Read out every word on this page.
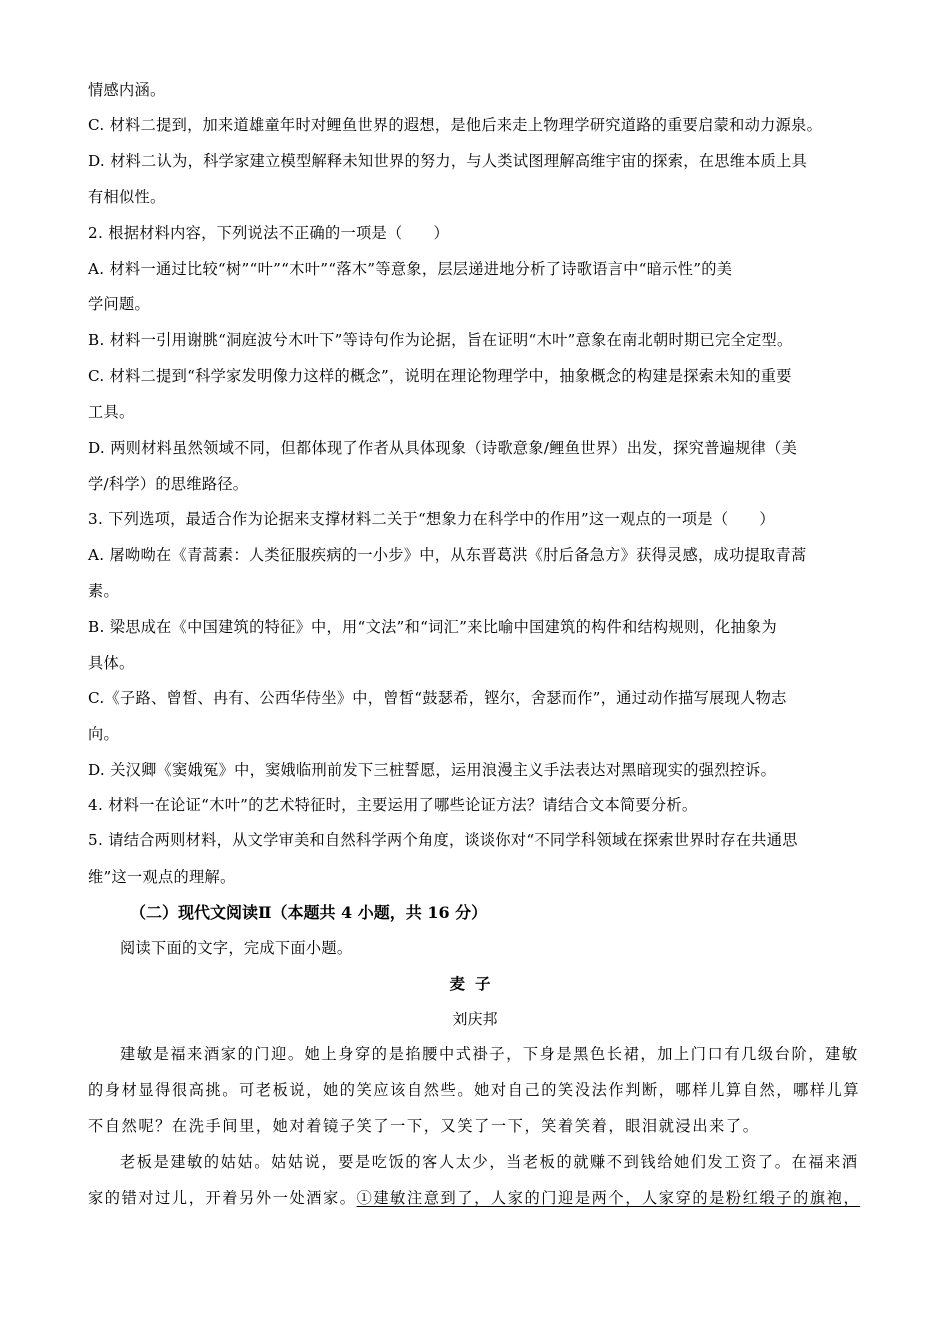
情感内涵。
C. 材料二提到，加来道雄童年时对鲤鱼世界的遐想，是他后来走上物理学研究道路的重要启蒙和动力源泉。
D. 材料二认为，科学家建立模型解释未知世界的努力，与人类试图理解高维宇宙的探索，在思维本质上具
有相似性。
2. 根据材料内容，下列说法不正确的一项是（　　）
A. 材料一通过比较“树”“叶”“木叶”“落木”等意象，层层递进地分析了诗歌语言中“暗示性”的美
学问题。
B. 材料一引用谢朓“洞庭波兮木叶下”等诗句作为论据，旨在证明“木叶”意象在南北朝时期已完全定型。
C. 材料二提到“科学家发明像力这样的概念”，说明在理论物理学中，抽象概念的构建是探索未知的重要
工具。
D. 两则材料虽然领域不同，但都体现了作者从具体现象（诗歌意象/鲤鱼世界）出发，探究普遍规律（美
学/科学）的思维路径。
3. 下列选项，最适合作为论据来支撑材料二关于“想象力在科学中的作用”这一观点的一项是（　　）
A. 屠呦呦在《青蒿素：人类征服疾病的一小步》中，从东晋葛洪《肘后备急方》获得灵感，成功提取青蒿
素。
B. 梁思成在《中国建筑的特征》中，用“文法”和“词汇”来比喻中国建筑的构件和结构规则，化抽象为
具体。
C.《子路、曾皙、冉有、公西华侍坐》中，曾皙“鼓瑟希，铿尔，舍瑟而作”，通过动作描写展现人物志
向。
D. 关汉卿《窦娥冤》中，窦娥临刑前发下三桩誓愿，运用浪漫主义手法表达对黑暗现实的强烈控诉。
4. 材料一在论证“木叶”的艺术特征时，主要运用了哪些论证方法？请结合文本简要分析。
5. 请结合两则材料，从文学审美和自然科学两个角度，谈谈你对“不同学科领域在探索世界时存在共通思
维”这一观点的理解。
（二）现代文阅读Ⅱ（本题共 4 小题，共 16 分）
阅读下面的文字，完成下面小题。
麦子
刘庆邦
建敏是福来酒家的门迎。她上身穿的是掐腰中式褂子，下身是黑色长裙，加上门口有几级台阶，建敏
的身材显得很高挑。可老板说，她的笑应该自然些。她对自己的笑没法作判断，哪样儿算自然，哪样儿算
不自然呢？在洗手间里，她对着镜子笑了一下，又笑了一下，笑着笑着，眼泪就浸出来了。
老板是建敏的姑姑。姑姑说，要是吃饭的客人太少，当老板的就赚不到钱给她们发工资了。在福来酒
家的错对过儿，开着另外一处酒家。①建敏注意到了，人家的门迎是两个，人家穿的是粉红缎子的旗袍，
